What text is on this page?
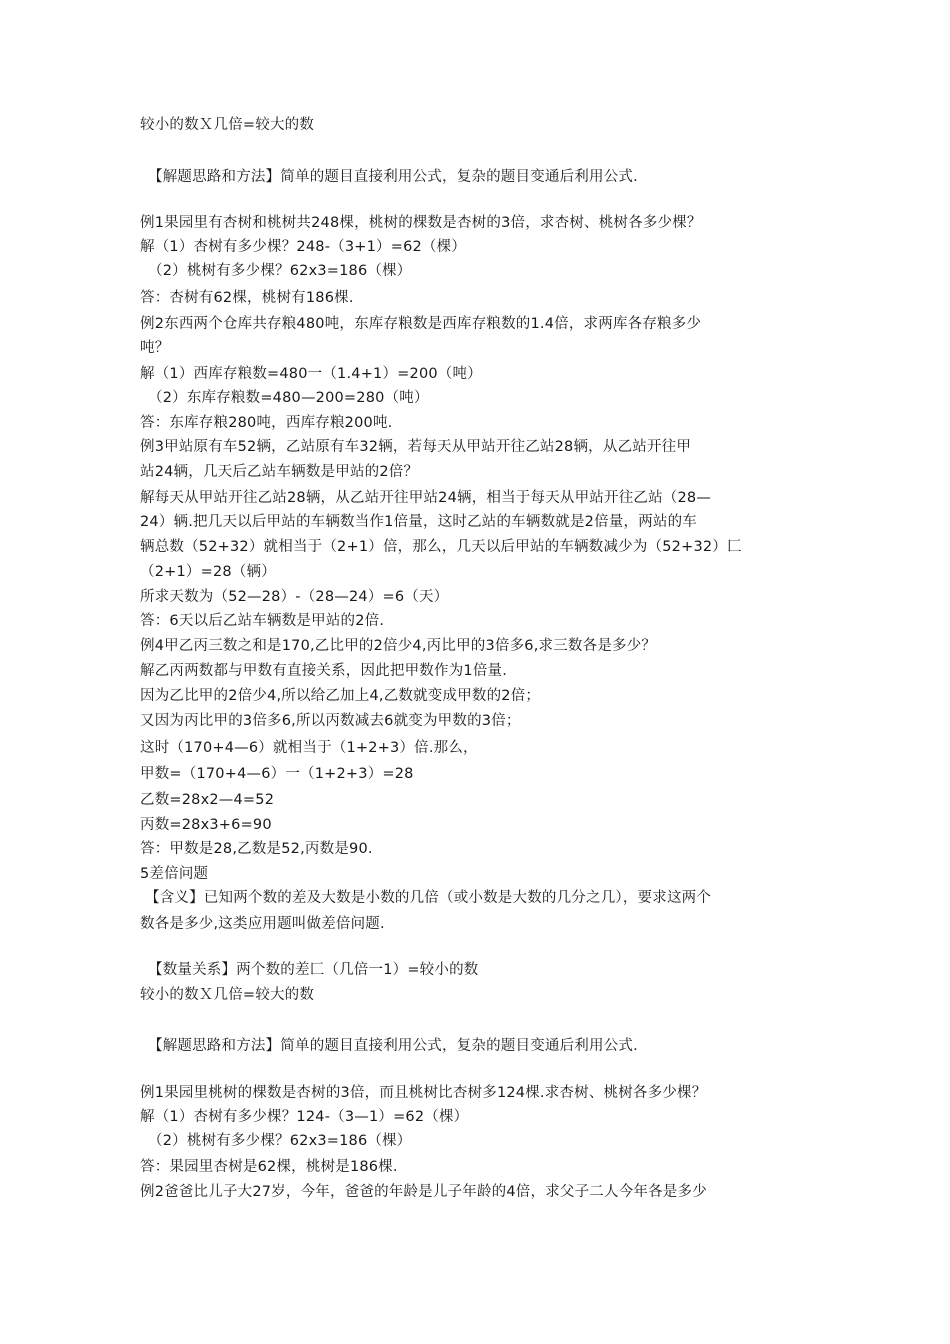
较小的数Ｘ几倍=较大的数
【解题思路和方法】简单的题目直接利用公式，复杂的题目变通后利用公式.
例1果园里有杏树和桃树共248棵，桃树的棵数是杏树的3倍，求杏树、桃树各多少棵？
解（1）杏树有多少棵？248-（3+1）=62（棵）
（2）桃树有多少棵？62x3=186（棵）
答：杏树有62棵，桃树有186棵.
例2东西两个仓库共存粮480吨，东库存粮数是西库存粮数的1.4倍，求两库各存粮多少
吨？
解（1）西库存粮数=480一（1.4+1）=200（吨）
（2）东库存粮数=480—200=280（吨）
答：东库存粮280吨，西库存粮200吨.
例3甲站原有车52辆，乙站原有车32辆，若每天从甲站开往乙站28辆，从乙站开往甲
站24辆，几天后乙站车辆数是甲站的2倍？
解每天从甲站开往乙站28辆，从乙站开往甲站24辆，相当于每天从甲站开往乙站（28—
24）辆.把几天以后甲站的车辆数当作1倍量，这时乙站的车辆数就是2倍量，两站的车
辆总数（52+32）就相当于（2+1）倍，那么，几天以后甲站的车辆数减少为（52+32）匚
（2+1）=28（辆）
所求天数为（52—28）-（28—24）=6（天）
答：6天以后乙站车辆数是甲站的2倍.
例4甲乙丙三数之和是170,乙比甲的2倍少4,丙比甲的3倍多6,求三数各是多少？
解乙丙两数都与甲数有直接关系，因此把甲数作为1倍量.
因为乙比甲的2倍少4,所以给乙加上4,乙数就变成甲数的2倍；
又因为丙比甲的3倍多6,所以丙数减去6就变为甲数的3倍；
这时（170+4—6）就相当于（1+2+3）倍.那么，
甲数=（170+4—6）一（1+2+3）=28
乙数=28x2—4=52
丙数=28x3+6=90
答：甲数是28,乙数是52,丙数是90.
5差倍问题
【含义】已知两个数的差及大数是小数的几倍（或小数是大数的几分之几），要求这两个
数各是多少,这类应用题叫做差倍问题.
【数量关系】两个数的差匚（几倍一1）=较小的数
较小的数Ｘ几倍=较大的数
【解题思路和方法】简单的题目直接利用公式，复杂的题目变通后利用公式.
例1果园里桃树的棵数是杏树的3倍，而且桃树比杏树多124棵.求杏树、桃树各多少棵？
解（1）杏树有多少棵？124-（3—1）=62（棵）
（2）桃树有多少棵？62x3=186（棵）
答：果园里杏树是62棵，桃树是186棵.
例2爸爸比儿子大27岁，今年，爸爸的年龄是儿子年龄的4倍，求父子二人今年各是多少
